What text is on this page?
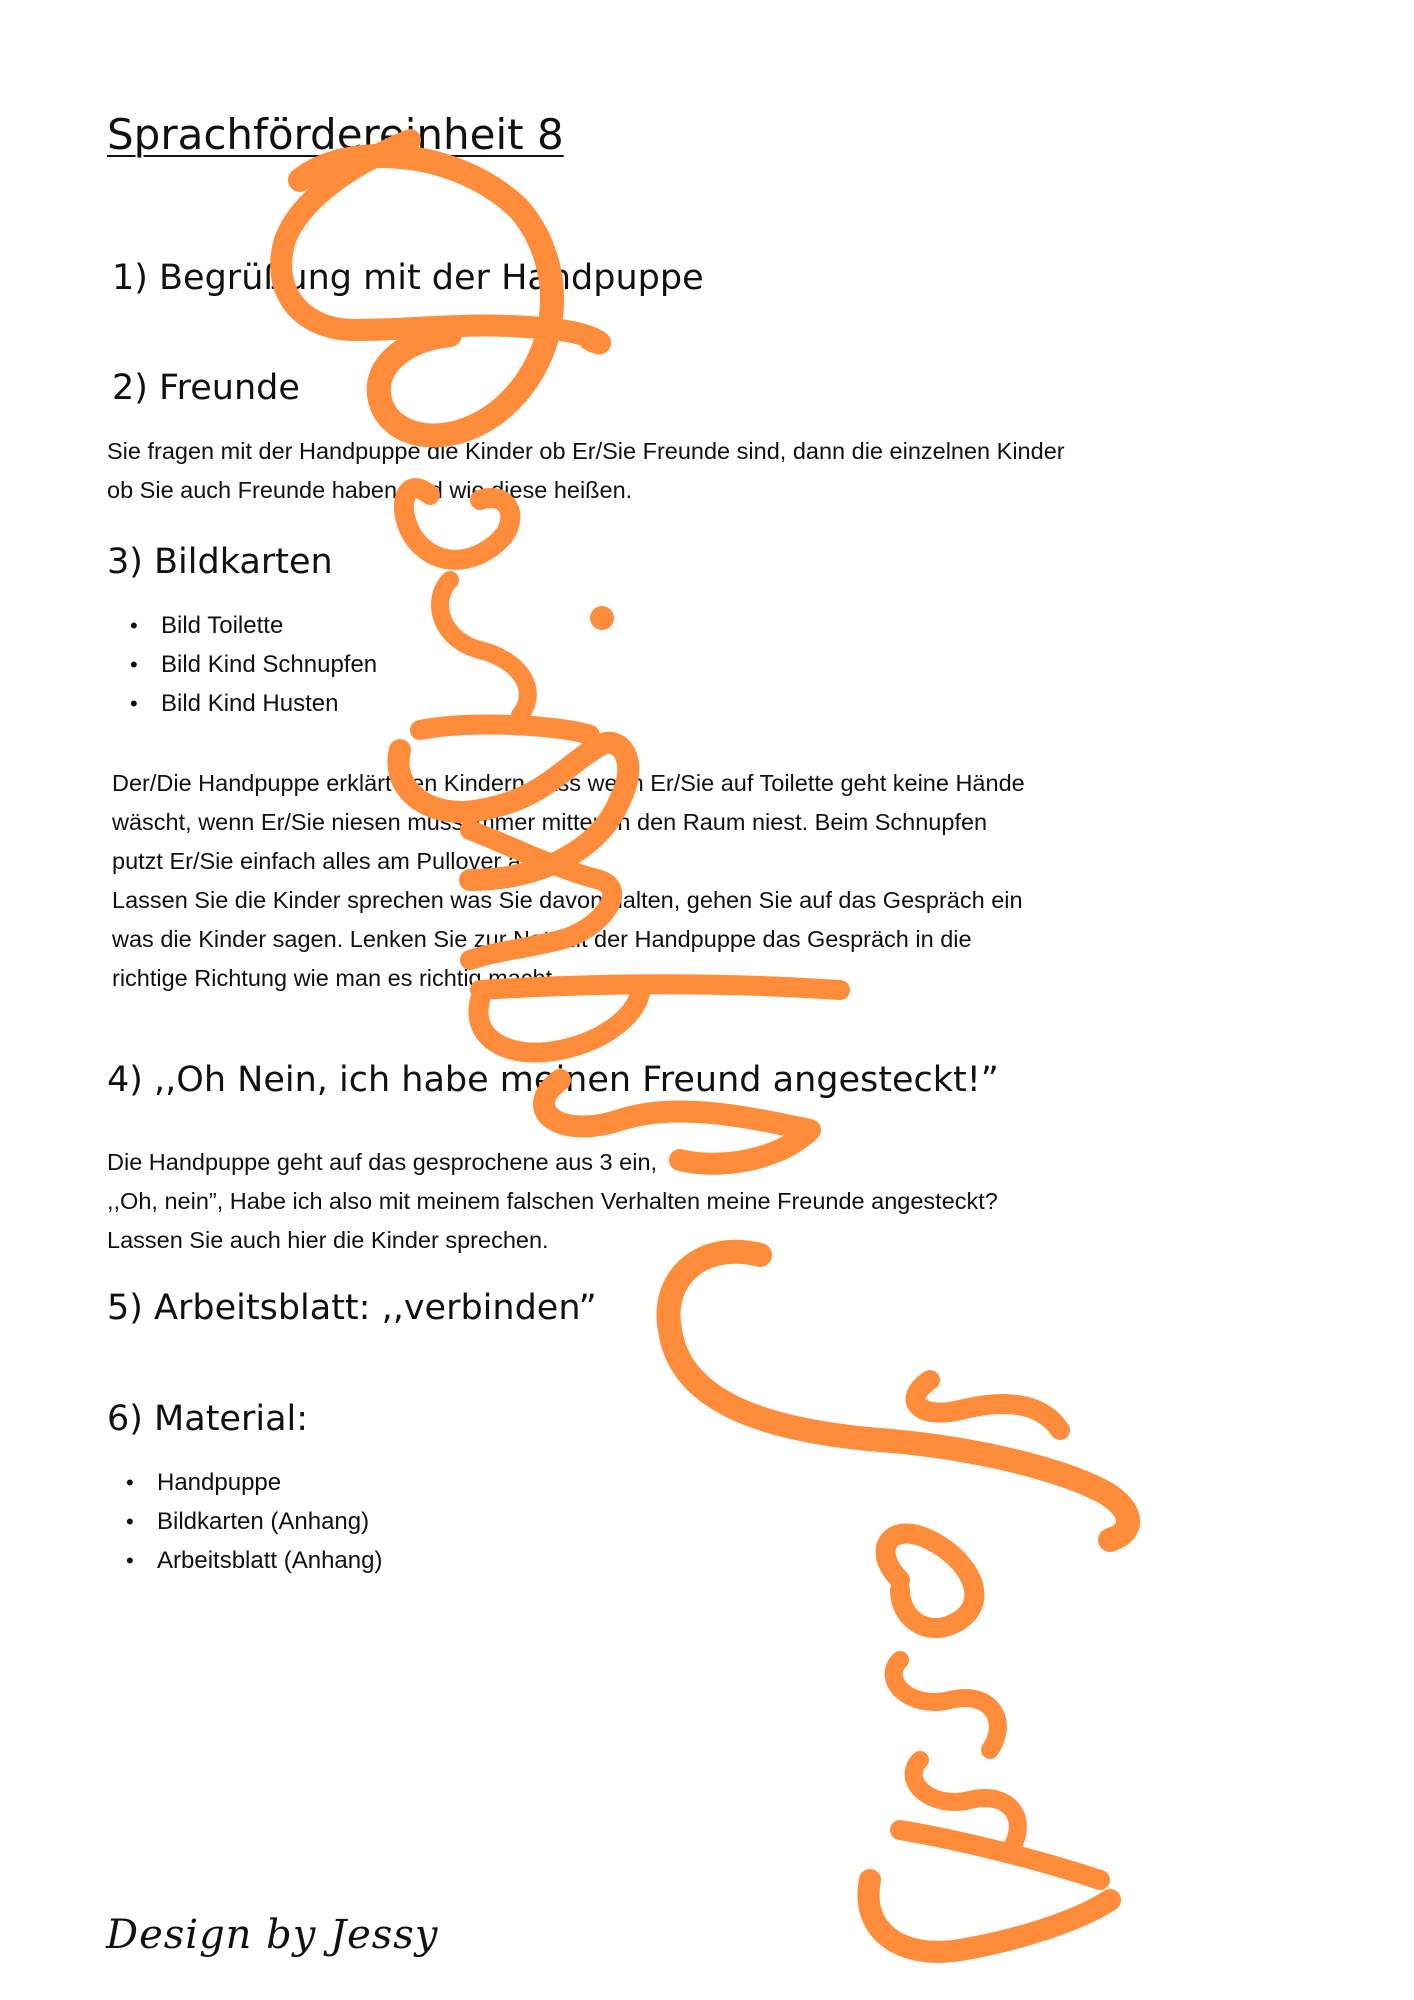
Sprachfördereinheit 8
1) Begrüßung mit der Handpuppe
2) Freunde

Sie fragen mit der Handpuppe die Kinder ob Er/Sie Freunde sind, dann die einzelnen Kinder

ob Sie auch Freunde haben und wie diese heißen.

3) Bildkarten
• Bild Toilette
• Bild Kind Schnupfen
• Bild Kind Husten

Der/Die Handpuppe erklärt den Kindern dass wenn Er/Sie auf Toilette geht keine Hände

wäscht, wenn Er/Sie niesen muss immer mitten in den Raum niest. Beim Schnupfen

putzt Er/Sie einfach alles am Pullover ab.

Lassen Sie die Kinder sprechen was Sie davon halten, gehen Sie auf das Gespräch ein

was die Kinder sagen. Lenken Sie zur Not mit der Handpuppe das Gespräch in die

richtige Richtung wie man es richtig macht.

4) ,,Oh Nein, ich habe meinen Freund angesteckt!”

Die Handpuppe geht auf das gesprochene aus 3 ein,

,,Oh, nein”, Habe ich also mit meinem falschen Verhalten meine Freunde angesteckt?

Lassen Sie auch hier die Kinder sprechen.

5) Arbeitsblatt: ,,verbinden”
6) Material:
• Handpuppe
• Bildkarten (Anhang)
• Arbeitsblatt (Anhang)
Design by Jessy
